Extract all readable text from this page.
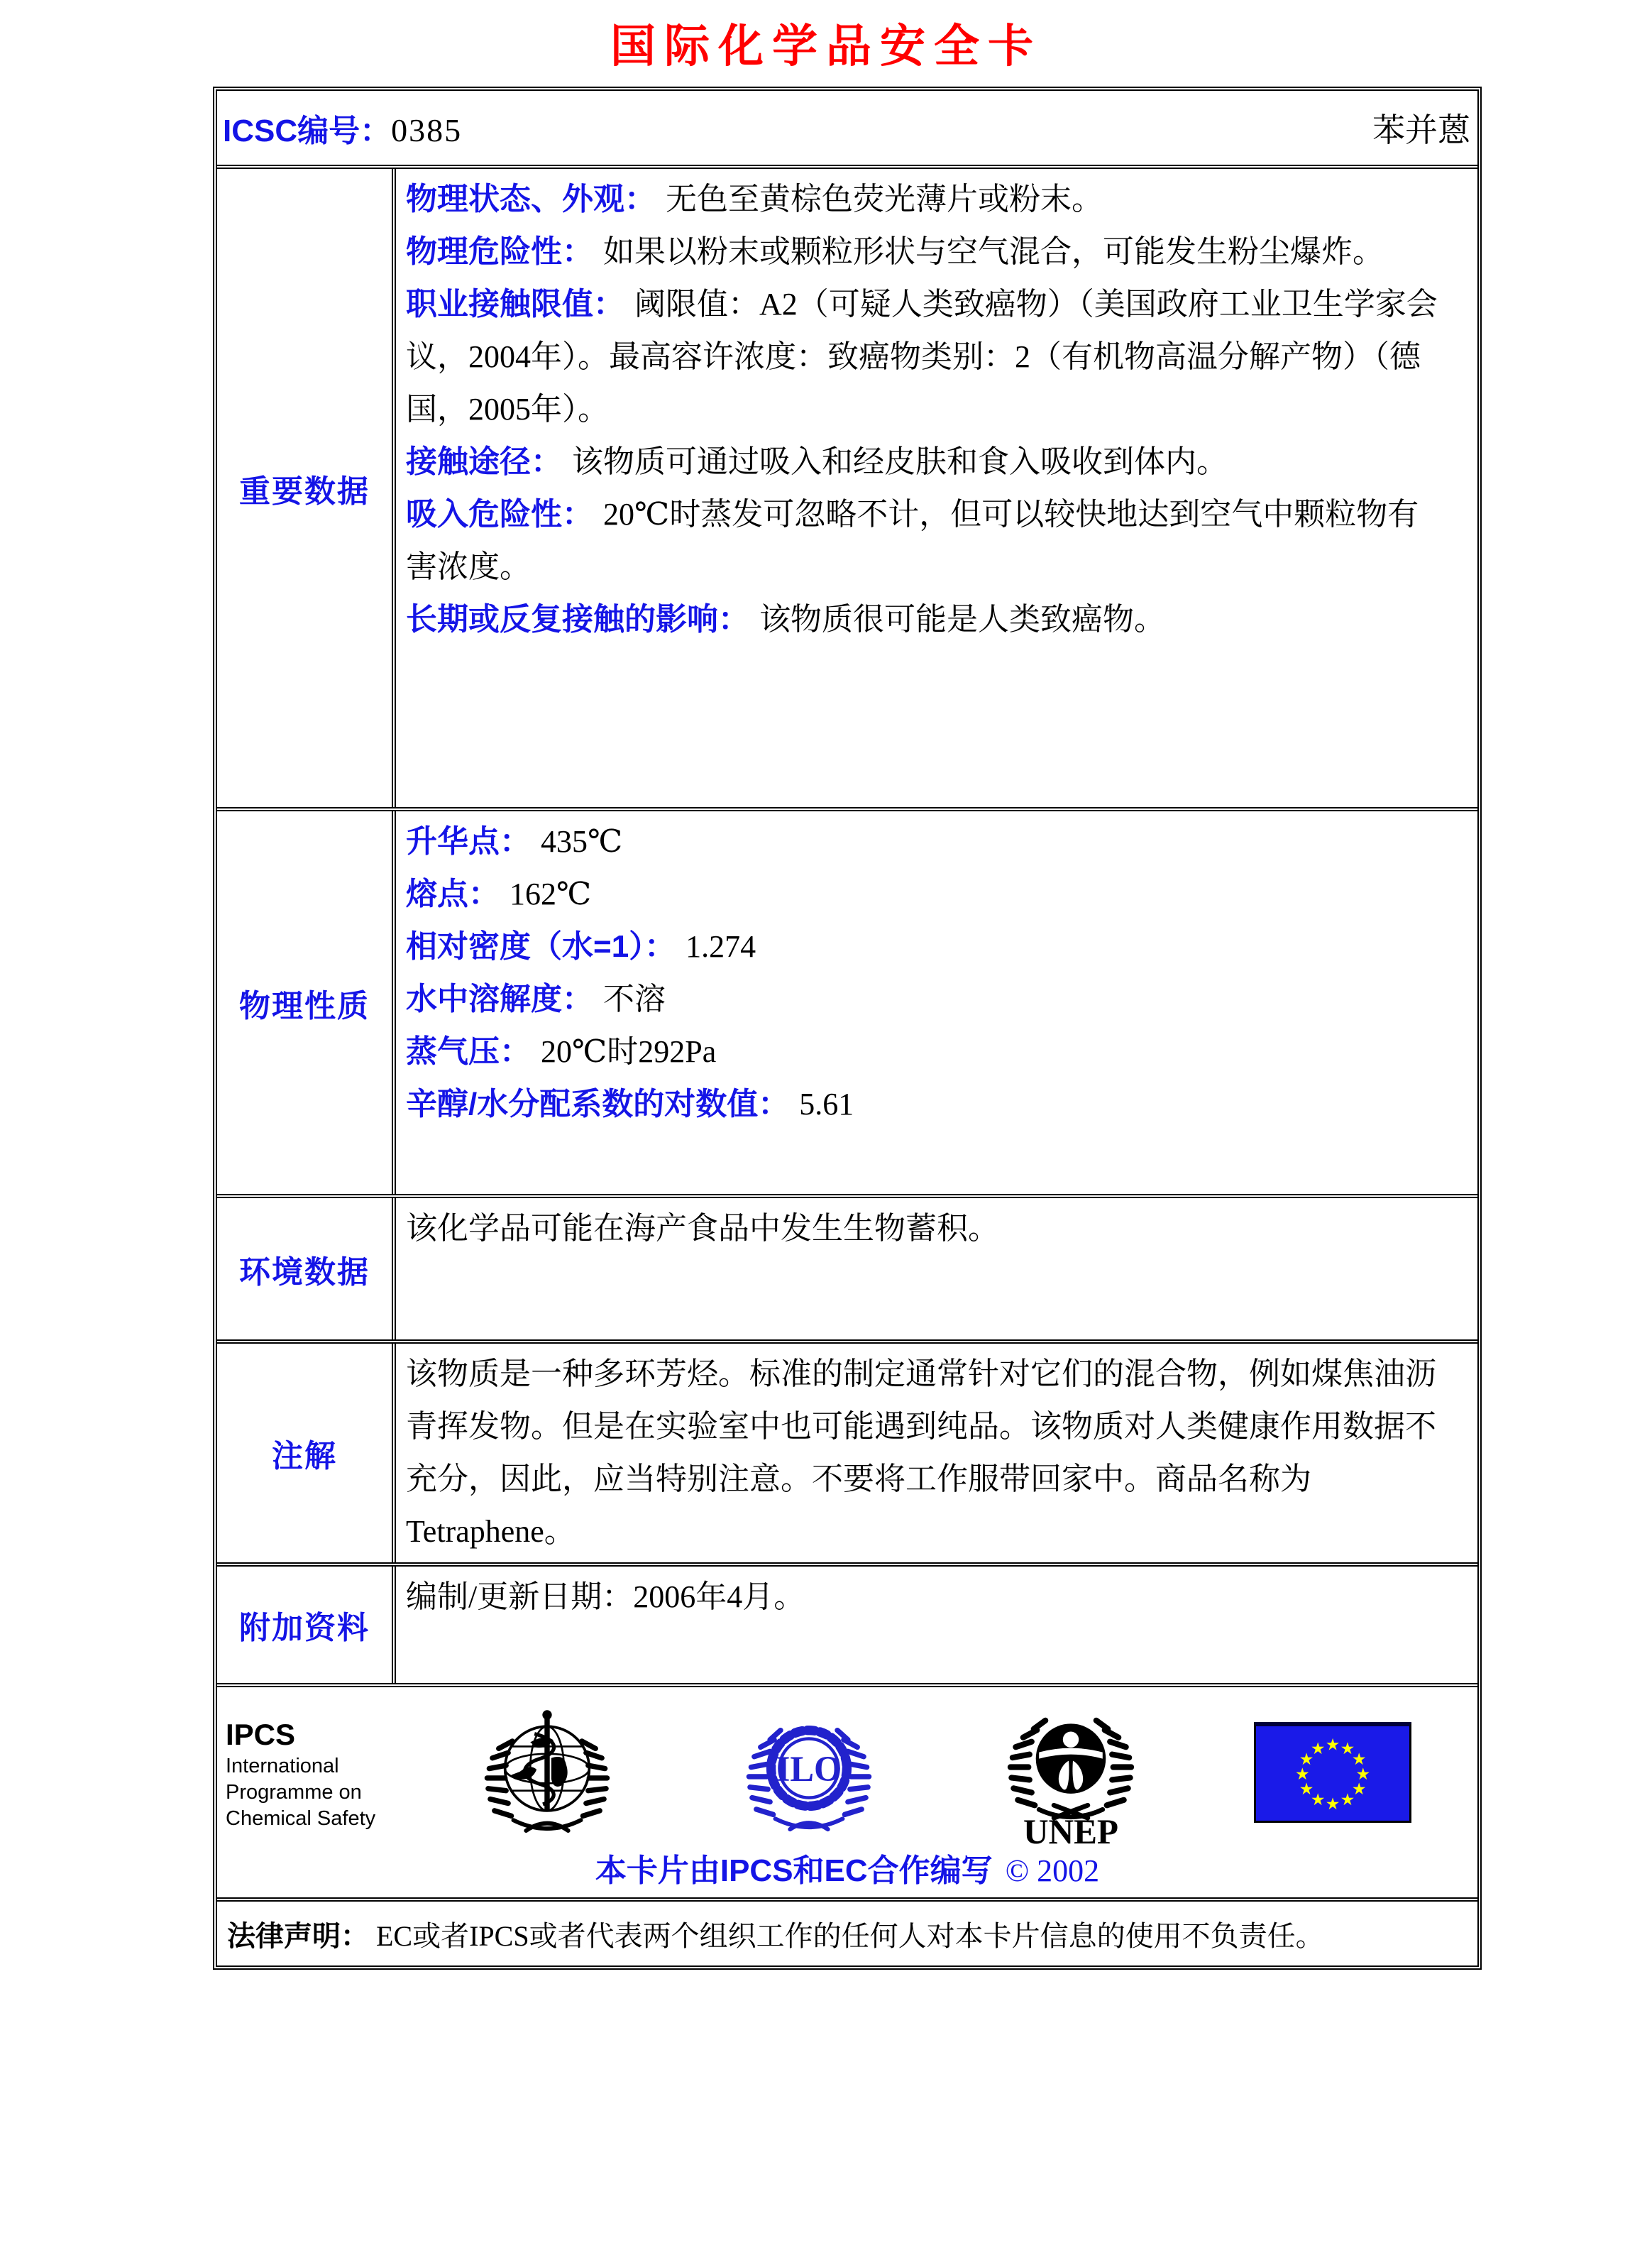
国际化学品安全卡
ICSC编号：0385	苯并蒽
重要数据

物理状态、外观： 无色至黄棕色荧光薄片或粉末。

物理危险性： 如果以粉末或颗粒形状与空气混合，可能发生粉尘爆炸。

职业接触限值： 阈限值：A2（可疑人类致癌物）（美国政府工业卫生学家会议，2004年）。最高容许浓度：致癌物类别：2（有机物高温分解产物）（德国，2005年）。

接触途径： 该物质可通过吸入和经皮肤和食入吸收到体内。

吸入危险性： 20℃时蒸发可忽略不计，但可以较快地达到空气中颗粒物有害浓度。

长期或反复接触的影响： 该物质很可能是人类致癌物。

物理性质

升华点： 435℃

熔点： 162℃

相对密度（水=1）： 1.274

水中溶解度： 不溶

蒸气压： 20℃时292Pa

辛醇/水分配系数的对数值： 5.61

环境数据

该化学品可能在海产食品中发生生物蓄积。

注解

该物质是一种多环芳烃。标准的制定通常针对它们的混合物，例如煤焦油沥青挥发物。但是在实验室中也可能遇到纯品。该物质对人类健康作用数据不充分，因此，应当特别注意。不要将工作服带回家中。商品名称为Tetraphene。

附加资料

编制/更新日期：2006年4月。

IPCS
International
Programme on
Chemical Safety
ILO
UNEP
★ ★
★
★
★
★
★
★
★
★
★
★
本卡片由IPCS和EC合作编写 © 2002
法律声明： EC或者IPCS或者代表两个组织工作的任何人对本卡片信息的使用不负责任。
